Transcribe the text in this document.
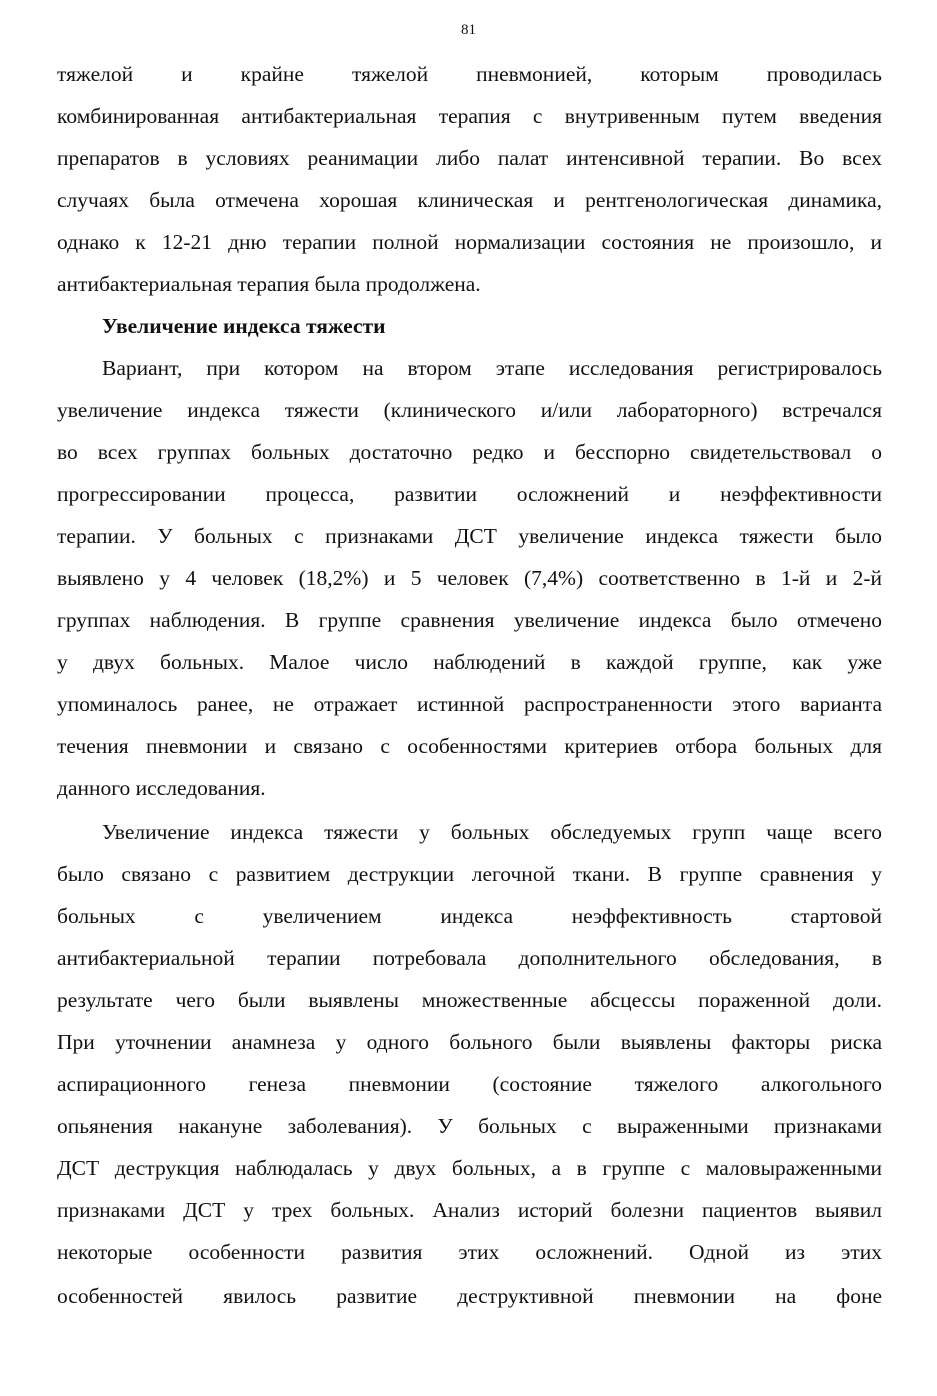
81
тяжелой и крайне тяжелой пневмонией, которым проводилась
комбинированная антибактериальная терапия с внутривенным путем введения
препаратов в условиях реанимации либо палат интенсивной терапии. Во всех
случаях была отмечена хорошая клиническая и рентгенологическая динамика,
однако к 12-21 дню терапии полной нормализации состояния не произошло, и
антибактериальная терапия была продолжена.
Увеличение индекса тяжести
Вариант, при котором на втором этапе исследования регистрировалось
увеличение индекса тяжести (клинического и/или лабораторного) встречался
во всех группах больных достаточно редко и бесспорно свидетельствовал о
прогрессировании процесса, развитии осложнений и неэффективности
терапии. У больных с признаками ДСТ увеличение индекса тяжести было
выявлено у 4 человек (18,2%) и 5 человек (7,4%) соответственно в 1-й и 2-й
группах наблюдения. В группе сравнения увеличение индекса было отмечено
у двух больных. Малое число наблюдений в каждой группе, как уже
упоминалось ранее, не отражает истинной распространенности этого варианта
течения пневмонии и связано с особенностями критериев отбора больных для
данного исследования.
Увеличение индекса тяжести у больных обследуемых групп чаще всего
было связано с развитием деструкции легочной ткани. В группе сравнения у
больных с увеличением индекса неэффективность стартовой
антибактериальной терапии потребовала дополнительного обследования, в
результате чего были выявлены множественные абсцессы пораженной доли.
При уточнении анамнеза у одного больного были выявлены факторы риска
аспирационного генеза пневмонии (состояние тяжелого алкогольного
опьянения накануне заболевания). У больных с выраженными признаками
ДСТ деструкция наблюдалась у двух больных, а в группе с маловыраженными
признаками ДСТ у трех больных. Анализ историй болезни пациентов выявил
некоторые особенности развития этих осложнений. Одной из этих
особенностей явилось развитие деструктивной пневмонии на фоне
